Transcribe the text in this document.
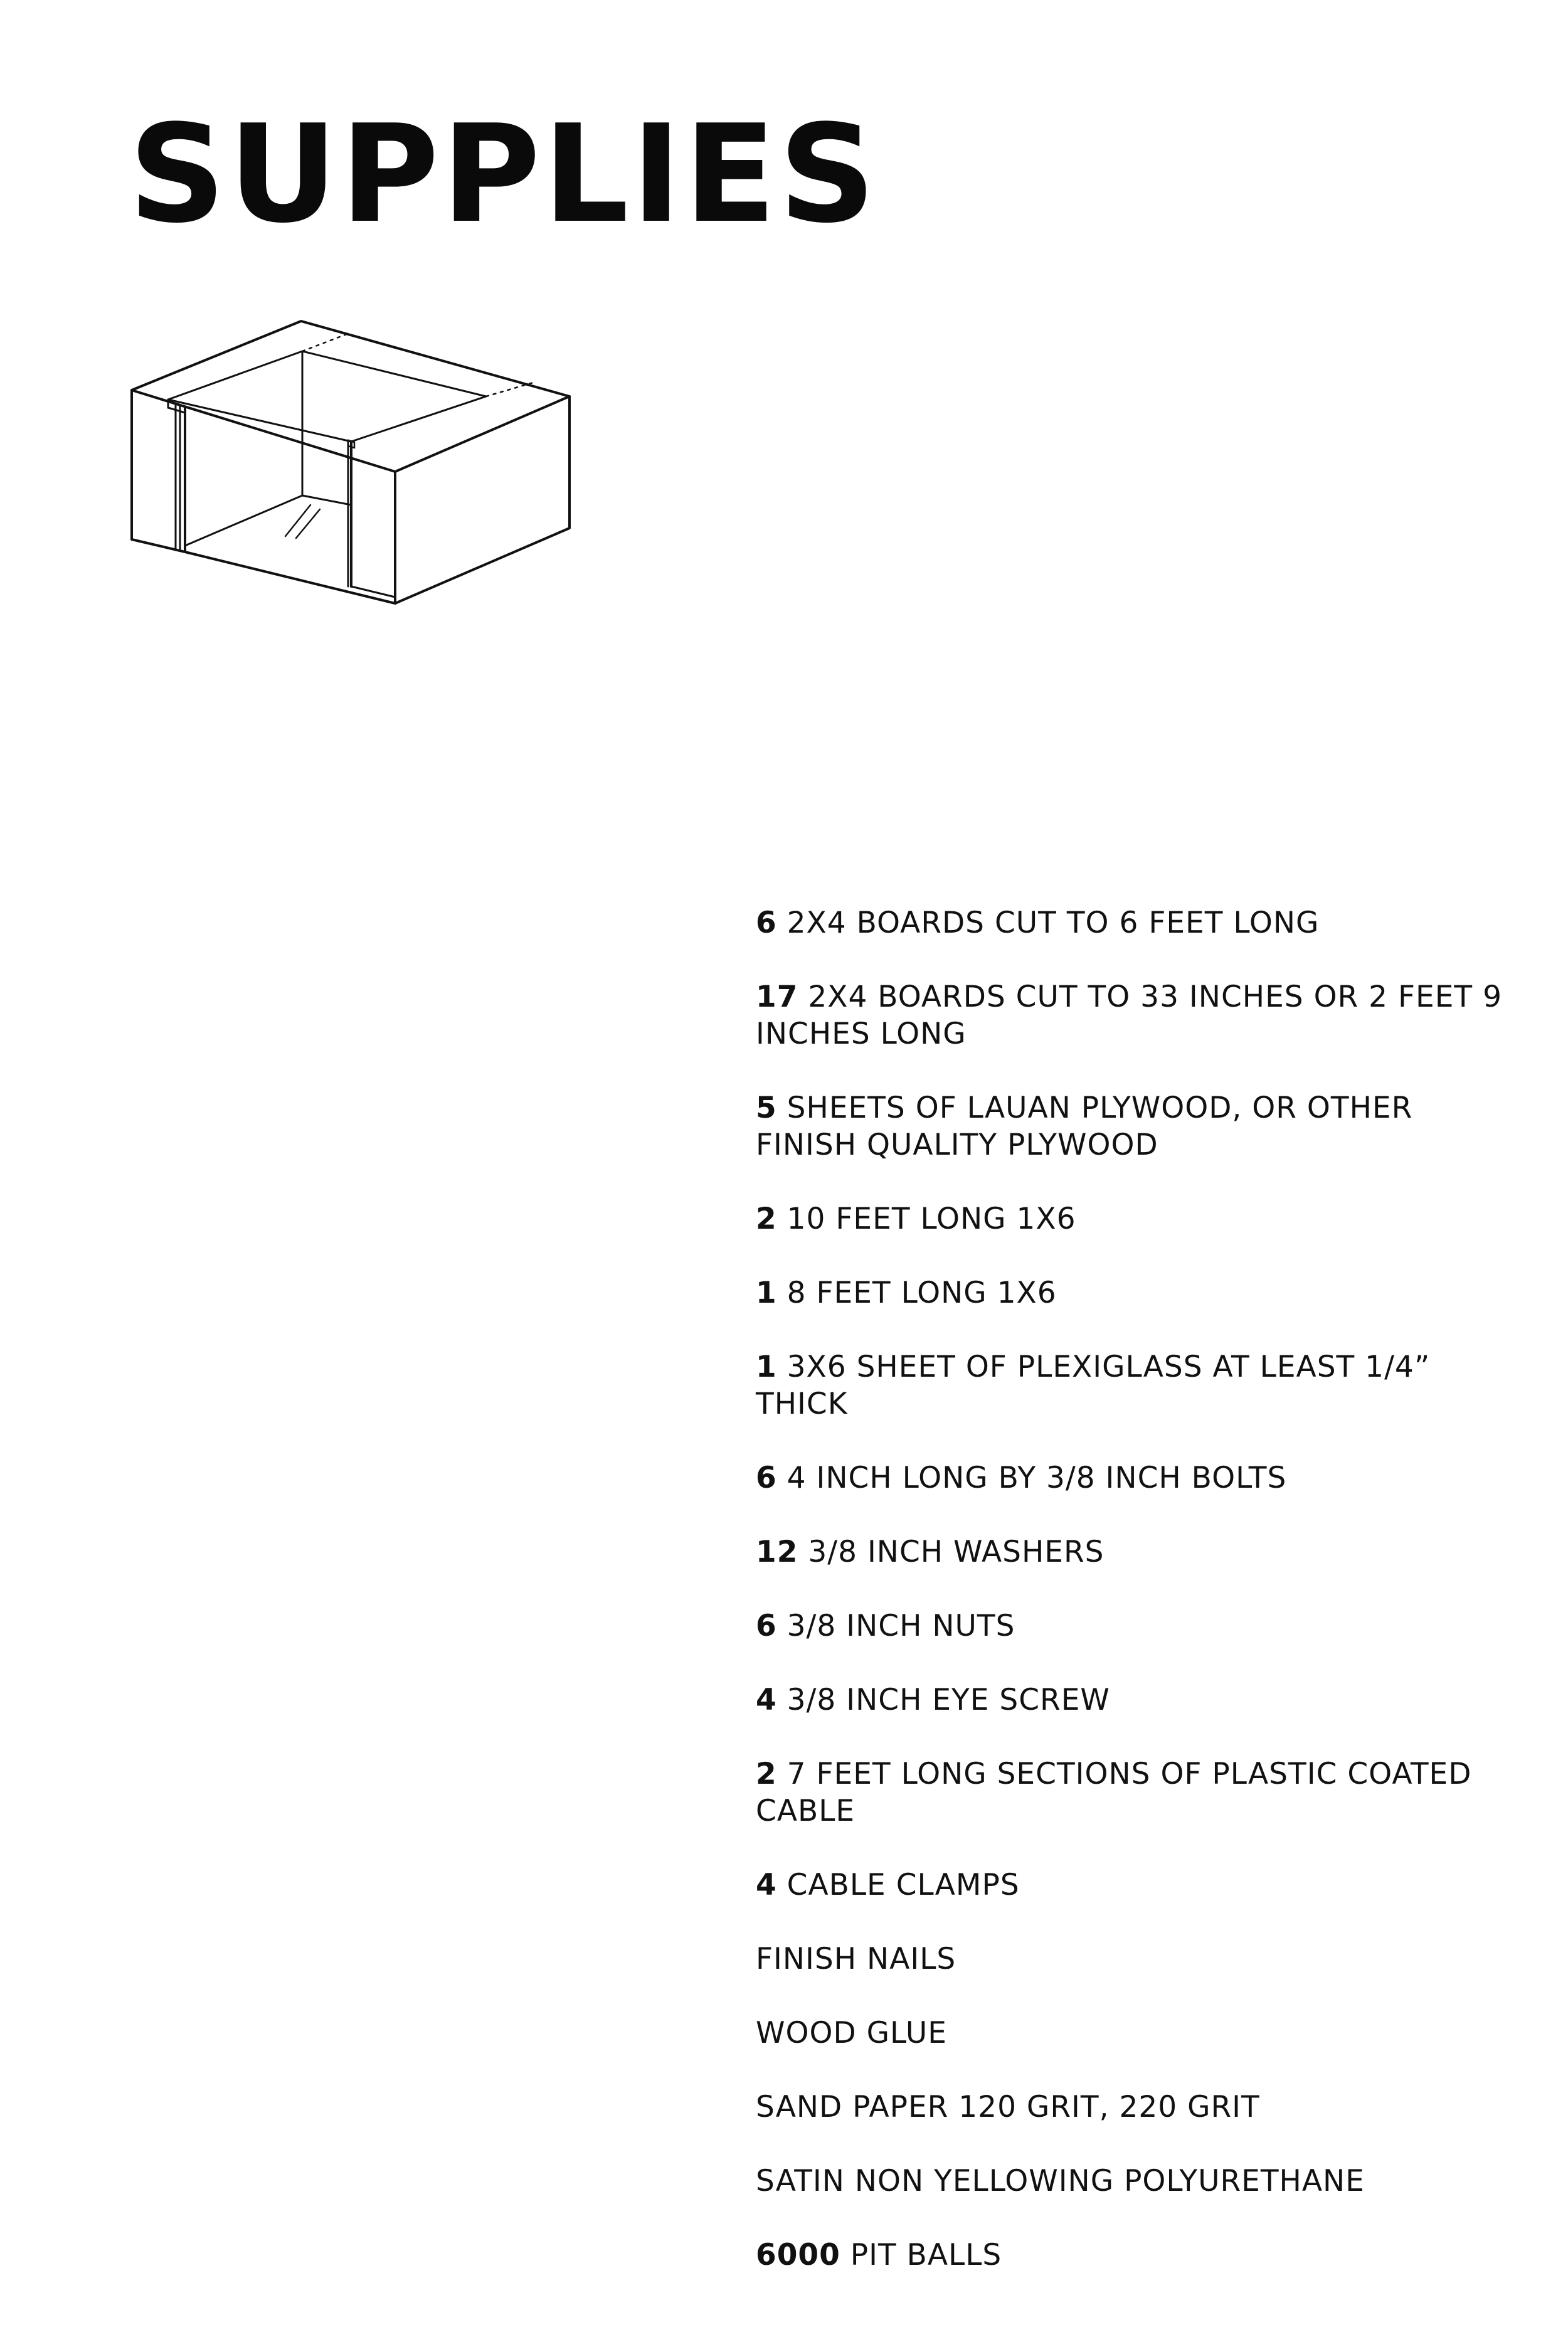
SUPPLIES
6 2X4 BOARDS CUT TO 6 FEET LONG
17 2X4 BOARDS CUT TO 33 INCHES OR 2 FEET 9 INCHES LONG
5 SHEETS OF LAUAN PLYWOOD, OR OTHER FINISH QUALITY PLYWOOD
2 10 FEET LONG 1X6
1 8 FEET LONG 1X6
1 3X6 SHEET OF PLEXIGLASS AT LEAST 1/4” THICK
6 4 INCH LONG BY 3/8 INCH BOLTS
12 3/8 INCH WASHERS
6 3/8 INCH NUTS
4 3/8 INCH EYE SCREW
2 7 FEET LONG SECTIONS OF PLASTIC COATED CABLE
4 CABLE CLAMPS
FINISH NAILS
WOOD GLUE
SAND PAPER 120 GRIT, 220 GRIT
SATIN NON YELLOWING POLYURETHANE
6000 PIT BALLS
